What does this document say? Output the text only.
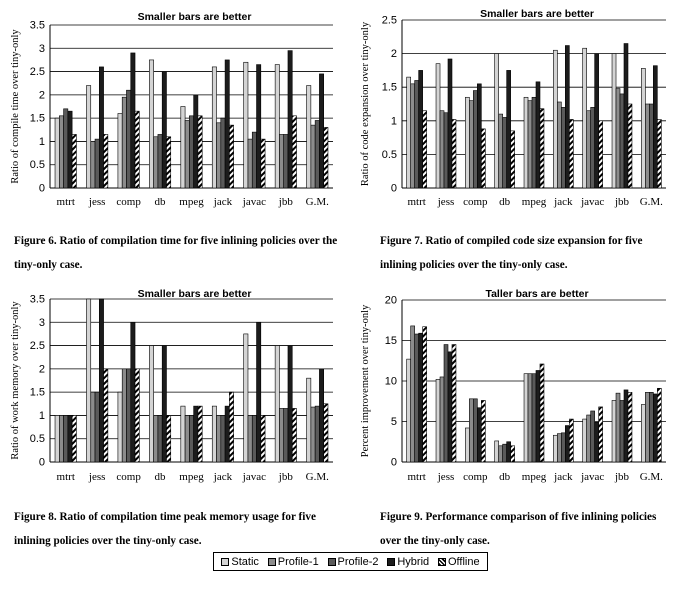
0
0.5
1
1.5
2
2.5
3
3.5
Smaller bars are better
Ratio of compile time over tiny-only
mtrt jess comp db mpeg jack javac jbb G.M.
0
0.5
1
1.5
2
2.5
Smaller bars are better
Ratio of code expansion over tiny-only
mtrt jess comp db mpeg jack javac jbb G.M.
0
0.5
1
1.5
2
2.5
3
3.5	Smaller bars are better
Ratio of work memory over tiny-only
mtrt jess comp db mpeg jack javac jbb G.M.
0
5
10
15
20
Taller bars are better
Percent improvement over tiny-only
mtrt jess comp db mpeg jack javac jbb G.M.
Figure 6. Ratio of compilation time for five inlining policies over the tiny-only case.
Figure 7. Ratio of compiled code size expansion for five inlining policies over the tiny-only case.
Figure 8. Ratio of compilation time peak memory usage for five inlining policies over the tiny-only case.
Figure 9. Performance comparison of five inlining policies over the tiny-only case.
Static Profile-1 Profile-2 Hybrid Offline
